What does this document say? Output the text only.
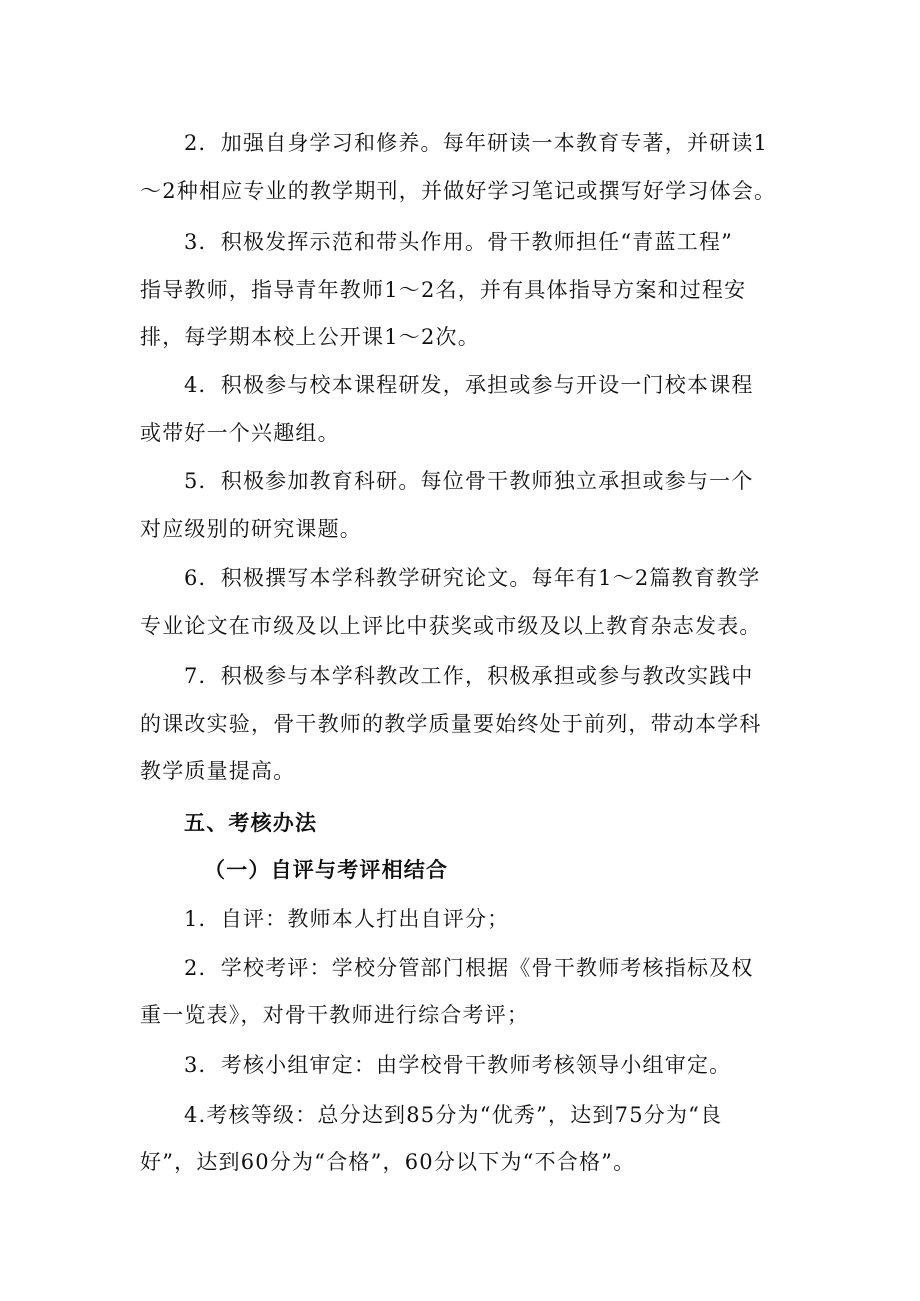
2．加强自身学习和修养。每年研读一本教育专著，并研读1
～2种相应专业的教学期刊，并做好学习笔记或撰写好学习体会。
3．积极发挥示范和带头作用。骨干教师担任“青蓝工程”
指导教师，指导青年教师1～2名，并有具体指导方案和过程安
排，每学期本校上公开课1～2次。
4．积极参与校本课程研发，承担或参与开设一门校本课程
或带好一个兴趣组。
5．积极参加教育科研。每位骨干教师独立承担或参与一个
对应级别的研究课题。
6．积极撰写本学科教学研究论文。每年有1～2篇教育教学
专业论文在市级及以上评比中获奖或市级及以上教育杂志发表。
7．积极参与本学科教改工作，积极承担或参与教改实践中
的课改实验，骨干教师的教学质量要始终处于前列，带动本学科
教学质量提高。
五、考核办法
（一）自评与考评相结合
1．自评：教师本人打出自评分；
2．学校考评：学校分管部门根据《骨干教师考核指标及权
重一览表》，对骨干教师进行综合考评；
3．考核小组审定：由学校骨干教师考核领导小组审定。
4.考核等级：总分达到85分为“优秀”，达到75分为“良
好”，达到60分为“合格”，60分以下为“不合格”。
